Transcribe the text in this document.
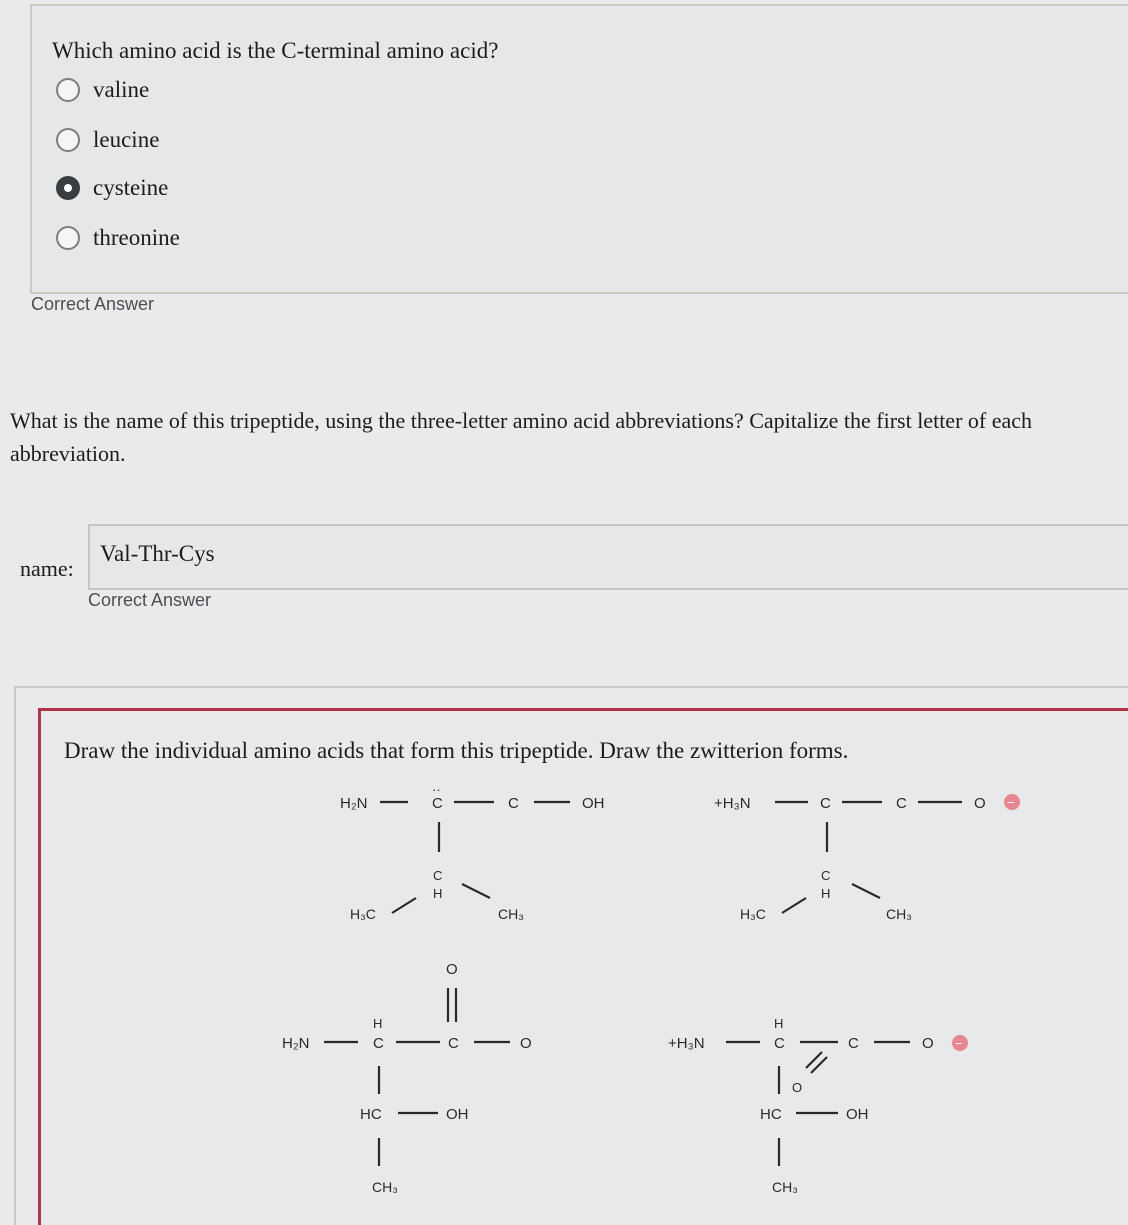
Which amino acid is the C-terminal amino acid?
valine
leucine
cysteine
threonine
Correct Answer
What is the name of this tripeptide, using the three-letter amino acid abbreviations? Capitalize the first letter of each abbreviation.
name:
Val-Thr-Cys
Correct Answer
Draw the individual amino acids that form this tripeptide. Draw the zwitterion forms.
H₂N
··
C	C	OH
C
H
H₃C	CH₃
+H₃N	C	C	O −
C
H
H₃C	CH₃
H₂N
H
C	C
O
O
HC	OH
CH₃
+H₃N
H
C	C
O
O −
HC	OH
CH₃
